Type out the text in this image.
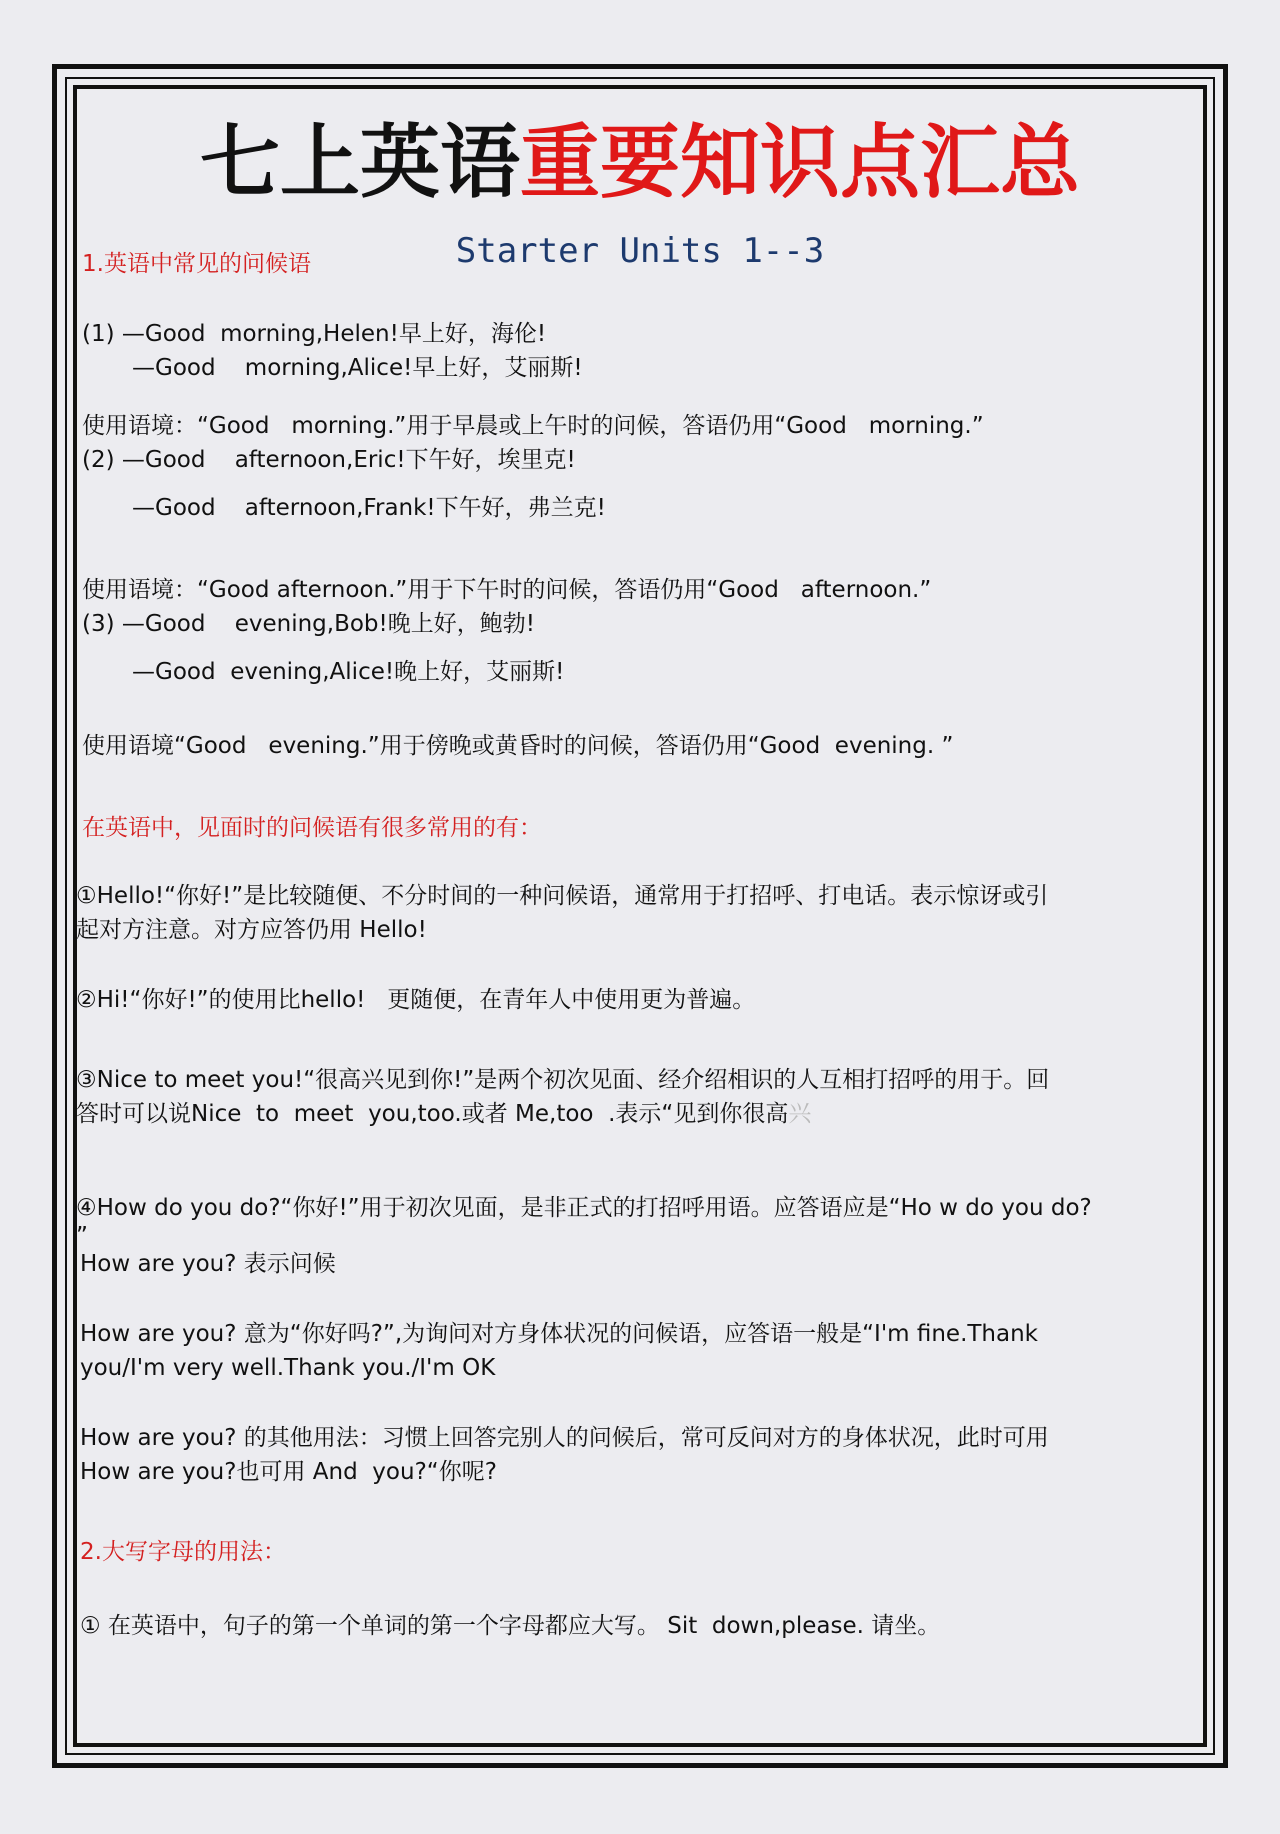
七上英语重要知识点汇总
Starter Units 1--3
1.英语中常见的问候语
(1) —Good  morning,Helen!早上好，海伦!
—Good    morning,Alice!早上好，艾丽斯!
使用语境：“Good   morning.”用于早晨或上午时的问候，答语仍用“Good   morning.”
(2) —Good    afternoon,Eric!下午好，埃里克!
—Good    afternoon,Frank!下午好，弗兰克!
使用语境：“Good afternoon.”用于下午时的问候，答语仍用“Good   afternoon.”
(3) —Good    evening,Bob!晚上好，鲍勃!
—Good  evening,Alice!晚上好，艾丽斯!
使用语境“Good   evening.”用于傍晚或黄昏时的问候，答语仍用“Good  evening. ”
在英语中，见面时的问候语有很多常用的有：
①Hello!“你好!”是比较随便、不分时间的一种问候语，通常用于打招呼、打电话。表示惊讶或引
起对方注意。对方应答仍用 Hello!
②Hi!“你好!”的使用比hello!   更随便，在青年人中使用更为普遍。
③Nice to meet you!“很高兴见到你!”是两个初次见面、经介绍相识的人互相打招呼的用于。回
答时可以说Nice  to  meet  you,too.或者 Me,too  .表示“见到你很高兴
④How do you do?“你好!”用于初次见面，是非正式的打招呼用语。应答语应是“Ho w do you do?
”
How are you? 表示问候
How are you? 意为“你好吗?”,为询问对方身体状况的问候语，应答语一般是“I'm fine.Thank
you/I'm very well.Thank you./I'm OK
How are you? 的其他用法：习惯上回答完别人的问候后，常可反问对方的身体状况，此时可用
How are you?也可用 And  you?“你呢?
2.大写字母的用法：
① 在英语中，句子的第一个单词的第一个字母都应大写。 Sit  down,please. 请坐。
